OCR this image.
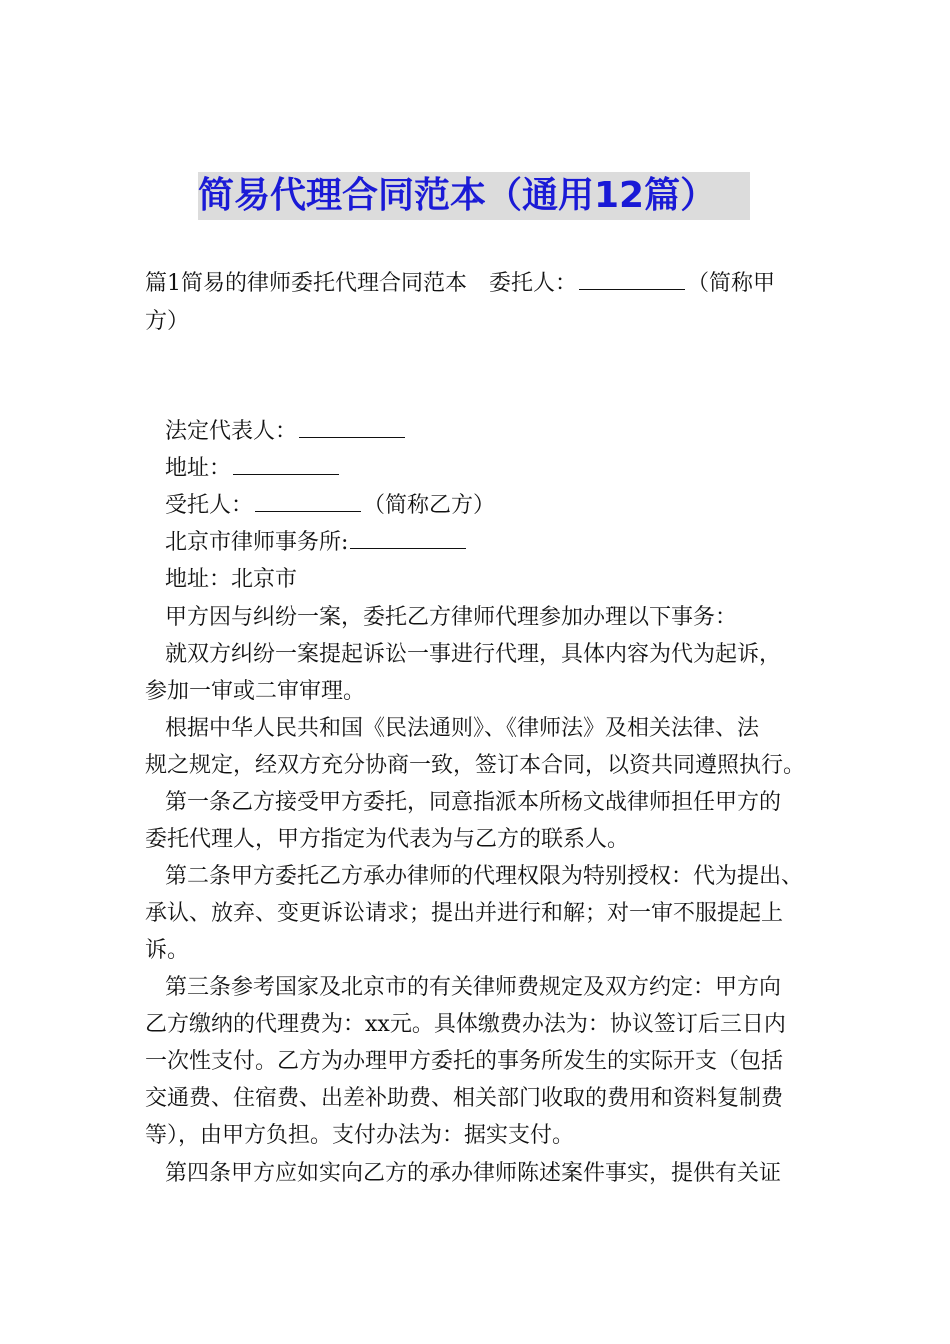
简易代理合同范本（通用12篇）
篇1简易的律师委托代理合同范本　委托人：	（简称甲
方）
法定代表人：
地址：
受托人：	（简称乙方）
北京市律师事务所:
地址：北京市
甲方因与纠纷一案，委托乙方律师代理参加办理以下事务：
就双方纠纷一案提起诉讼一事进行代理，具体内容为代为起诉，
参加一审或二审审理。
根据中华人民共和国《民法通则》、《律师法》及相关法律、法
规之规定，经双方充分协商一致，签订本合同，以资共同遵照执行。
第一条乙方接受甲方委托，同意指派本所杨文战律师担任甲方的
委托代理人，甲方指定为代表为与乙方的联系人。
第二条甲方委托乙方承办律师的代理权限为特别授权：代为提出、
承认、放弃、变更诉讼请求；提出并进行和解；对一审不服提起上
诉。
第三条参考国家及北京市的有关律师费规定及双方约定：甲方向
乙方缴纳的代理费为：xx元。具体缴费办法为：协议签订后三日内
一次性支付。乙方为办理甲方委托的事务所发生的实际开支（包括
交通费、住宿费、出差补助费、相关部门收取的费用和资料复制费
等），由甲方负担。支付办法为：据实支付。
第四条甲方应如实向乙方的承办律师陈述案件事实，提供有关证
